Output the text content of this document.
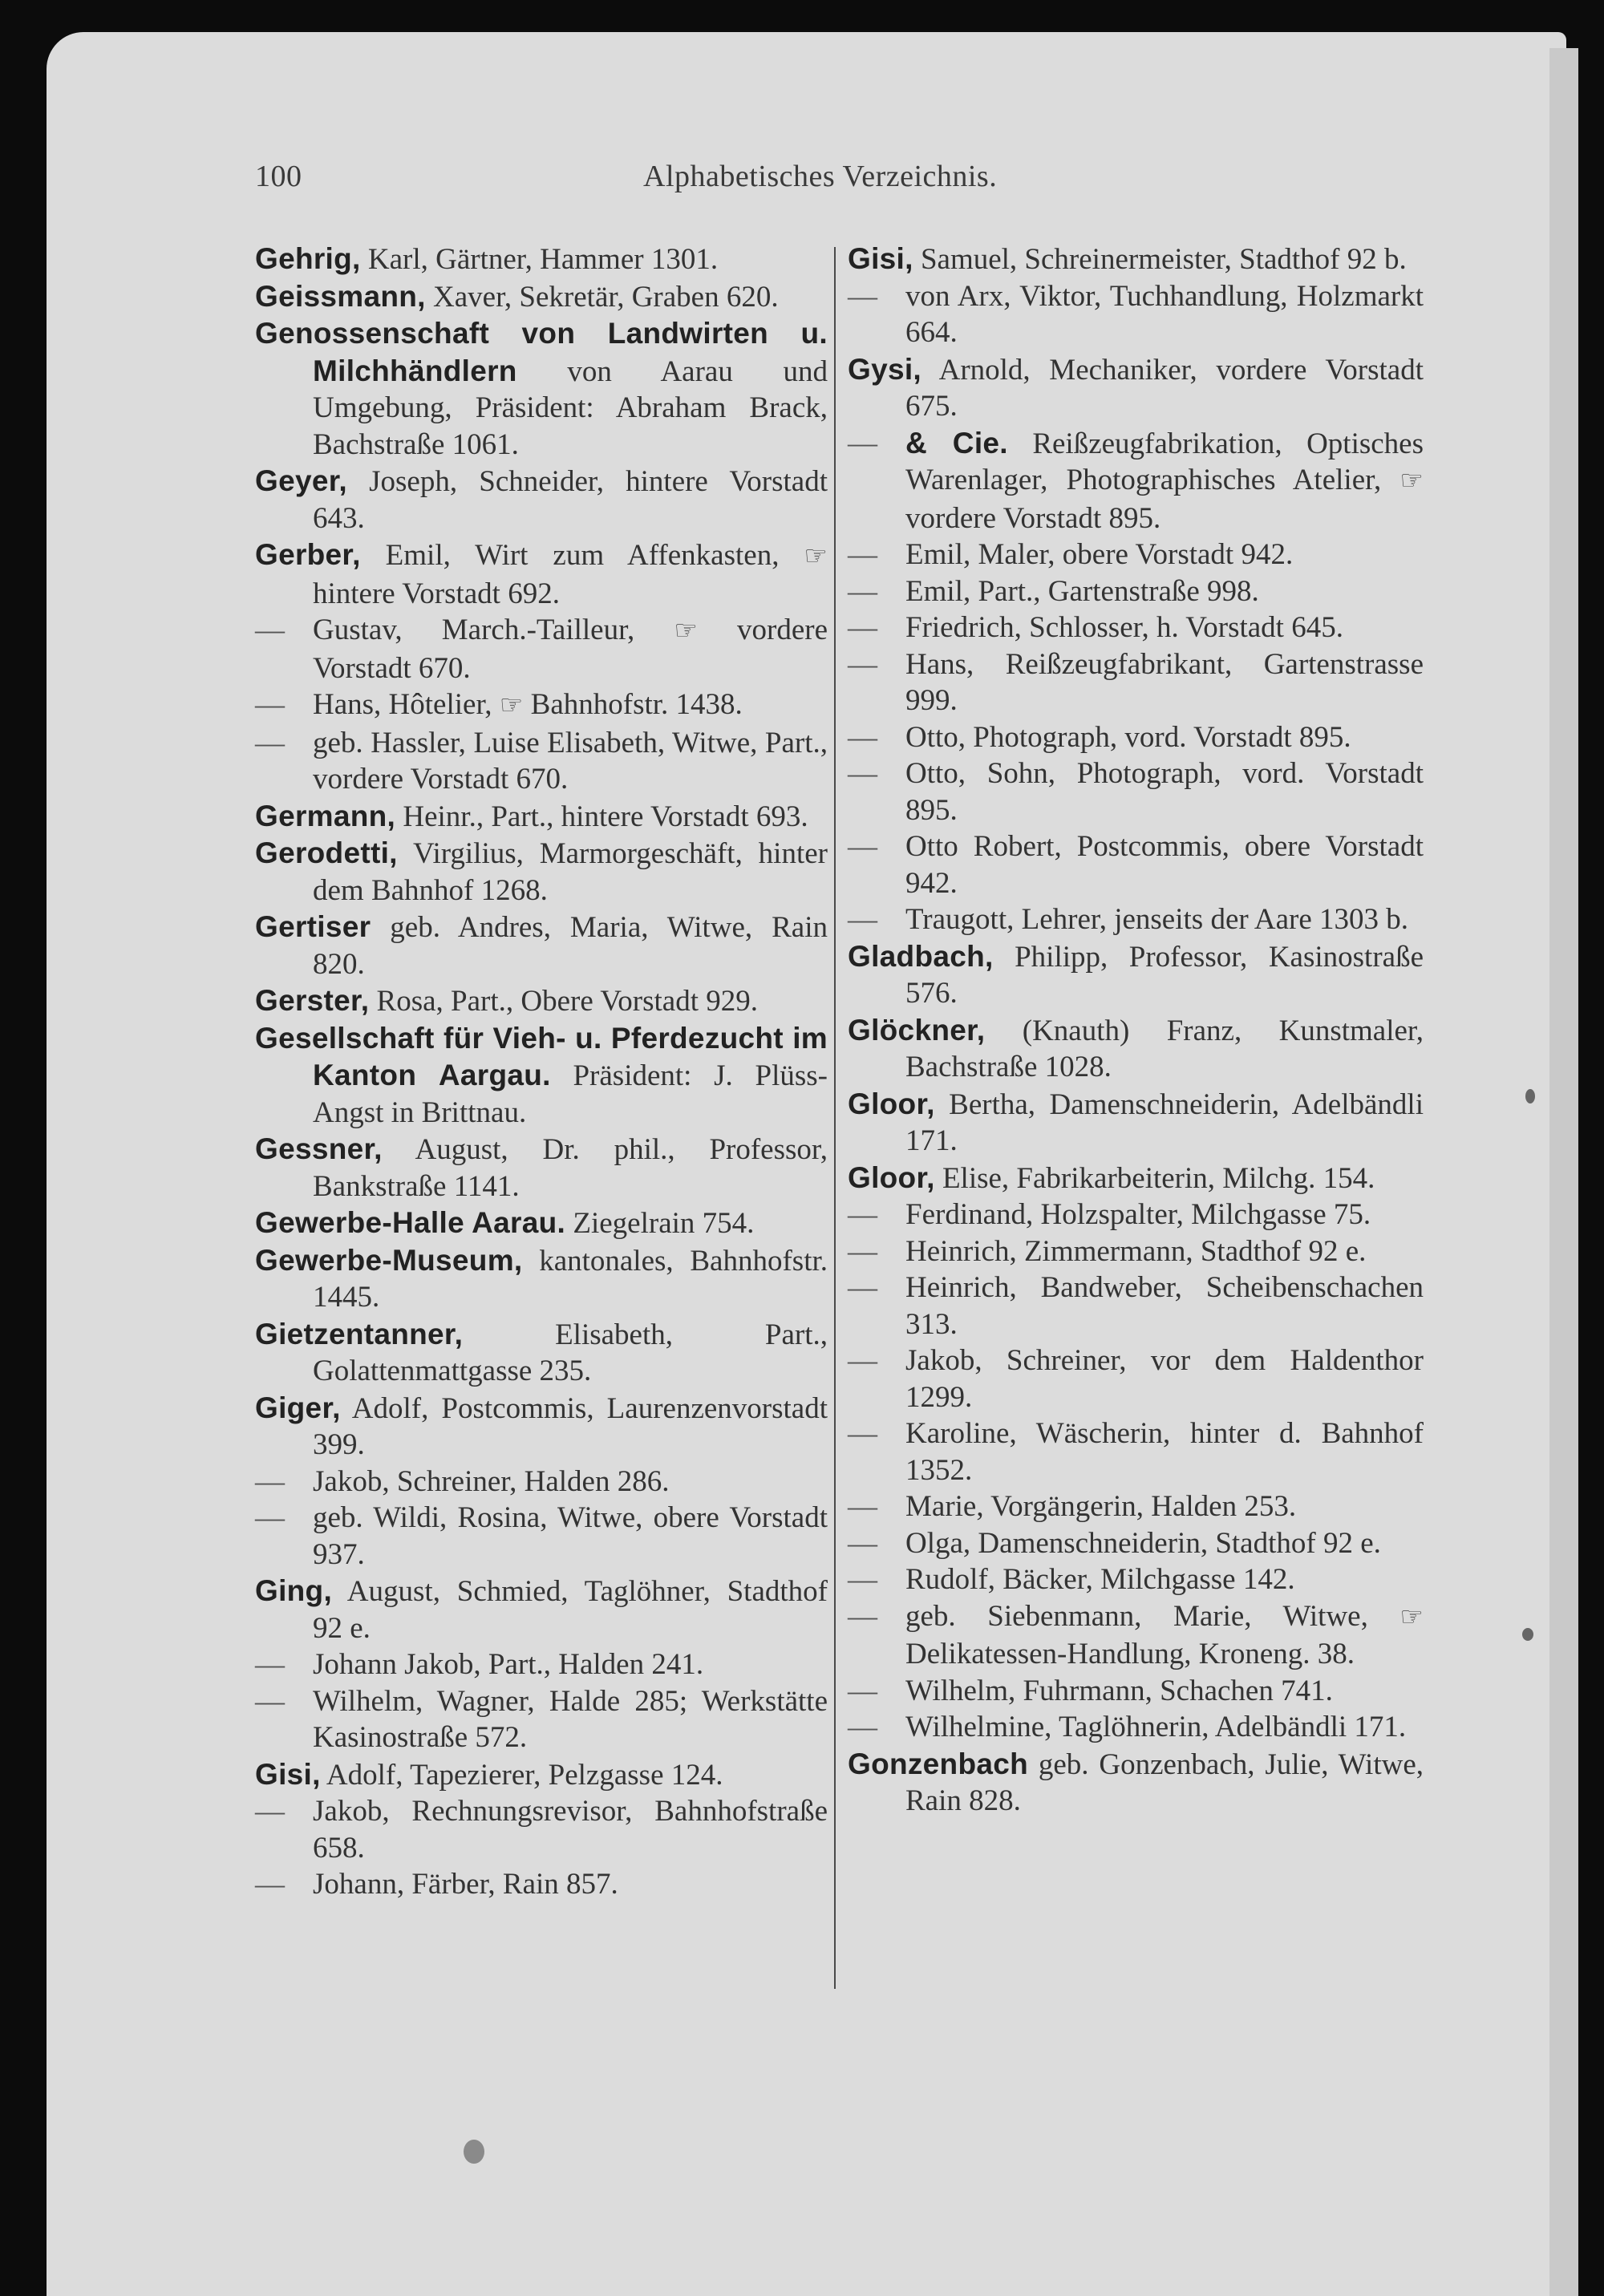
100	Alphabetisches Verzeichnis.
Gehrig, Karl, Gärtner, Hammer 1301.
Geissmann, Xaver, Sekretär, Graben 620.
Genossenschaft von Landwirten u. Milchhändlern von Aarau und Umgebung, Präsident: Abraham Brack, Bachstraße 1061.
Geyer, Joseph, Schneider, hintere Vorstadt 643.
Gerber, Emil, Wirt zum Affenkasten, ☞ hintere Vorstadt 692.
— Gustav, March.-Tailleur, ☞ vordere Vorstadt 670.
— Hans, Hôtelier, ☞ Bahnhofstr. 1438.
— geb. Hassler, Luise Elisabeth, Witwe, Part., vordere Vorstadt 670.
Germann, Heinr., Part., hintere Vorstadt 693.
Gerodetti, Virgilius, Marmorgeschäft, hinter dem Bahnhof 1268.
Gertiser geb. Andres, Maria, Witwe, Rain 820.
Gerster, Rosa, Part., Obere Vorstadt 929.
Gesellschaft für Vieh- u. Pferdezucht im Kanton Aargau. Präsident: J. Plüss-Angst in Brittnau.
Gessner, August, Dr. phil., Professor, Bankstraße 1141.
Gewerbe-Halle Aarau. Ziegelrain 754.
Gewerbe-Museum, kantonales, Bahnhofstr. 1445.
Gietzentanner,	Elisabeth, Part., Golattenmattgasse 235.
Giger, Adolf, Postcommis, Laurenzenvorstadt 399.
— Jakob, Schreiner, Halden 286.
— geb. Wildi, Rosina, Witwe, obere Vorstadt 937.
Ging, August, Schmied, Taglöhner, Stadthof 92 e.
— Johann Jakob, Part., Halden 241.
— Wilhelm, Wagner, Halde 285; Werkstätte Kasinostraße 572.
Gisi, Adolf, Tapezierer, Pelzgasse 124.
— Jakob, Rechnungsrevisor, Bahnhofstraße 658.
— Johann, Färber, Rain 857.
Gisi, Samuel, Schreinermeister, Stadthof 92 b.
— von Arx, Viktor, Tuchhandlung, Holzmarkt 664.
Gysi, Arnold, Mechaniker, vordere Vorstadt 675.
— & Cie. Reißzeugfabrikation, Optisches Warenlager, Photographisches Atelier, ☞ vordere Vorstadt 895.
— Emil, Maler, obere Vorstadt 942.
— Emil, Part., Gartenstraße 998.
— Friedrich, Schlosser, h. Vorstadt 645.
— Hans, Reißzeugfabrikant, Gartenstrasse 999.
— Otto, Photograph, vord. Vorstadt 895.
— Otto, Sohn, Photograph, vord. Vorstadt 895.
— Otto Robert, Postcommis, obere Vorstadt 942.
— Traugott, Lehrer, jenseits der Aare 1303 b.
Gladbach, Philipp, Professor, Kasinostraße 576.
Glöckner, (Knauth) Franz, Kunstmaler, Bachstraße 1028.
Gloor, Bertha, Damenschneiderin, Adelbändli 171.
Gloor, Elise, Fabrikarbeiterin, Milchg. 154.
— Ferdinand, Holzspalter, Milchgasse 75.
— Heinrich, Zimmermann, Stadthof 92 e.
— Heinrich, Bandweber, Scheibenschachen 313.
— Jakob, Schreiner, vor dem Haldenthor 1299.
— Karoline, Wäscherin, hinter d. Bahnhof 1352.
— Marie, Vorgängerin, Halden 253.
— Olga, Damenschneiderin, Stadthof 92 e.
— Rudolf, Bäcker, Milchgasse 142.
— geb. Siebenmann, Marie, Witwe, ☞ Delikatessen-Handlung, Kroneng. 38.
— Wilhelm, Fuhrmann, Schachen 741.
— Wilhelmine, Taglöhnerin, Adelbändli 171.
Gonzenbach geb. Gonzenbach, Julie, Witwe, Rain 828.
